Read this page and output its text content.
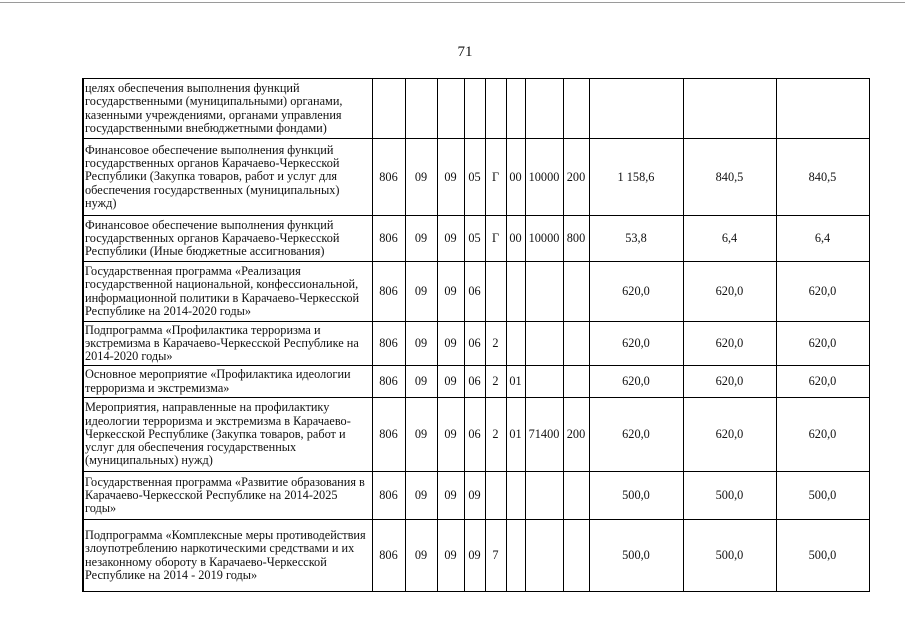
71
целях обеспечения выполнения функций государственными (муниципальными) органами, казенными учреждениями, органами управления государственными внебюджетными фондами)											
Финансовое обеспечение выполнения функций государственных органов Карачаево-Черкесской Республики (Закупка товаров, работ и услуг для обеспечения государственных (муниципальных) нужд)	806	09	09	05	Г	00	10000	200	1 158,6	840,5	840,5
Финансовое обеспечение выполнения функций государственных органов Карачаево-Черкесской Республики (Иные бюджетные ассигнования)	806	09	09	05	Г	00	10000	800	53,8	6,4	6,4
Государственная программа «Реализация государственной национальной, конфессиональной, информационной политики в Карачаево-Черкесской Республике на 2014-2020 годы»	806	09	09	06					620,0	620,0	620,0
Подпрограмма «Профилактика терроризма и экстремизма в Карачаево-Черкесской Республике на 2014-2020 годы»	806	09	09	06	2				620,0	620,0	620,0
Основное мероприятие «Профилактика идеологии терроризма и экстремизма»	806	09	09	06	2	01			620,0	620,0	620,0
Мероприятия, направленные на профилактику идеологии терроризма и экстремизма в Карачаево-Черкесской Республике (Закупка товаров, работ и услуг для обеспечения государственных (муниципальных) нужд)	806	09	09	06	2	01	71400	200	620,0	620,0	620,0
Государственная программа «Развитие образования в Карачаево-Черкесской Республике на 2014-2025 годы»	806	09	09	09					500,0	500,0	500,0
Подпрограмма «Комплексные меры противодействия злоупотреблению наркотическими средствами и их незаконному обороту в Карачаево-Черкесской Республике на 2014 - 2019 годы»	806	09	09	09	7				500,0	500,0	500,0
